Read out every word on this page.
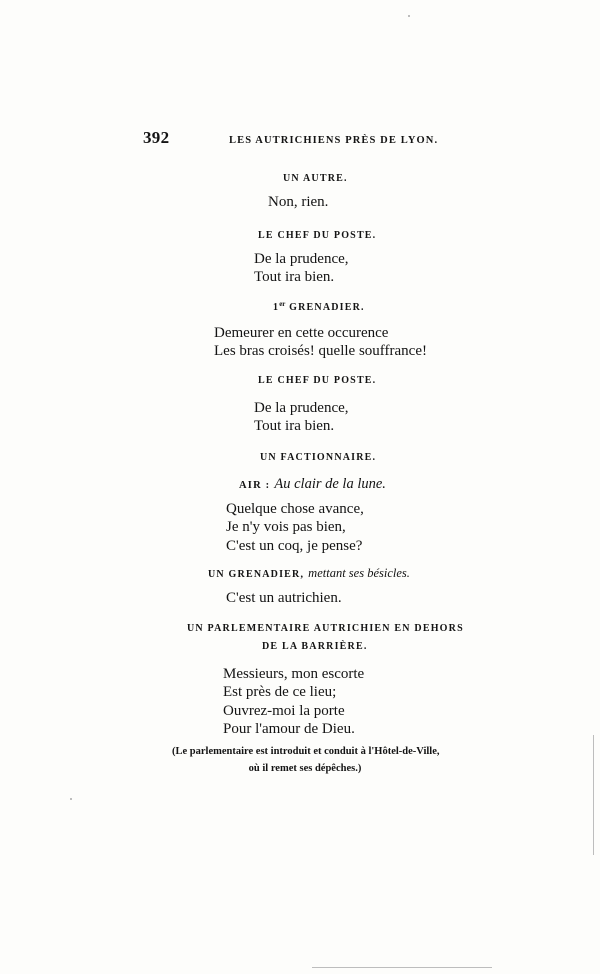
392	LES AUTRICHIENS PRÈS DE LYON.
UN AUTRE.
Non, rien.
LE CHEF DU POSTE.
De la prudence,
Tout ira bien.
1er GRENADIER.
Demeurer en cette occurence
Les bras croisés! quelle souffrance!
LE CHEF DU POSTE.
De la prudence,
Tout ira bien.
UN FACTIONNAIRE.
AIR : Au clair de la lune.
Quelque chose avance,
Je n'y vois pas bien,
C'est un coq, je pense?
UN GRENADIER, mettant ses bésicles.
C'est un autrichien.
UN PARLEMENTAIRE AUTRICHIEN EN DEHORS
DE LA BARRIÈRE.
Messieurs, mon escorte
Est près de ce lieu;
Ouvrez-moi la porte
Pour l'amour de Dieu.
(Le parlementaire est introduit et conduit à l'Hôtel-de-Ville,
où il remet ses dépêches.)
